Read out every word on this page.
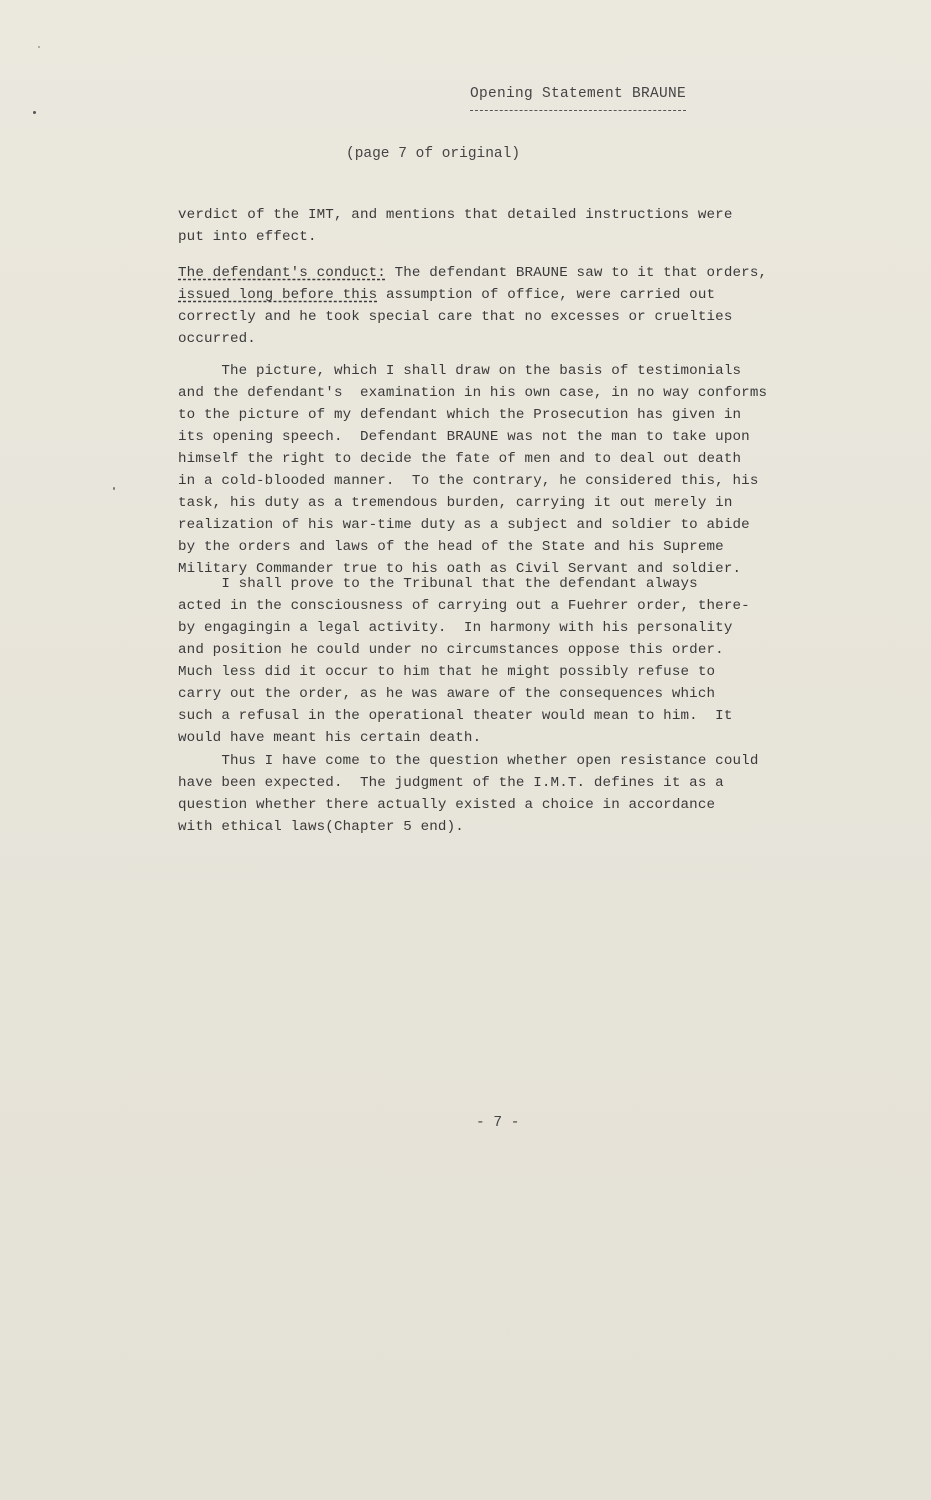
Opening Statement BRAUNE
(page 7 of original)
verdict of the IMT, and mentions that detailed instructions were
put into effect.
The defendant's conduct: The defendant BRAUNE saw to it that orders,
issued long before this assumption of office, were carried out
correctly and he took special care that no excesses or cruelties
occurred.
The picture, which I shall draw on the basis of testimonials
and the defendant's  examination in his own case, in no way conforms
to the picture of my defendant which the Prosecution has given in
its opening speech.  Defendant BRAUNE was not the man to take upon
himself the right to decide the fate of men and to deal out death
in a cold-blooded manner.  To the contrary, he considered this, his
task, his duty as a tremendous burden, carrying it out merely in
realization of his war-time duty as a subject and soldier to abide
by the orders and laws of the head of the State and his Supreme
Military Commander true to his oath as Civil Servant and soldier.
I shall prove to the Tribunal that the defendant always
acted in the consciousness of carrying out a Fuehrer order, there-
by engagingin a legal activity.  In harmony with his personality
and position he could under no circumstances oppose this order.
Much less did it occur to him that he might possibly refuse to
carry out the order, as he was aware of the consequences which
such a refusal in the operational theater would mean to him.  It
would have meant his certain death.
Thus I have come to the question whether open resistance could
have been expected.  The judgment of the I.M.T. defines it as a
question whether there actually existed a choice in accordance
with ethical laws(Chapter 5 end).
- 7 -
